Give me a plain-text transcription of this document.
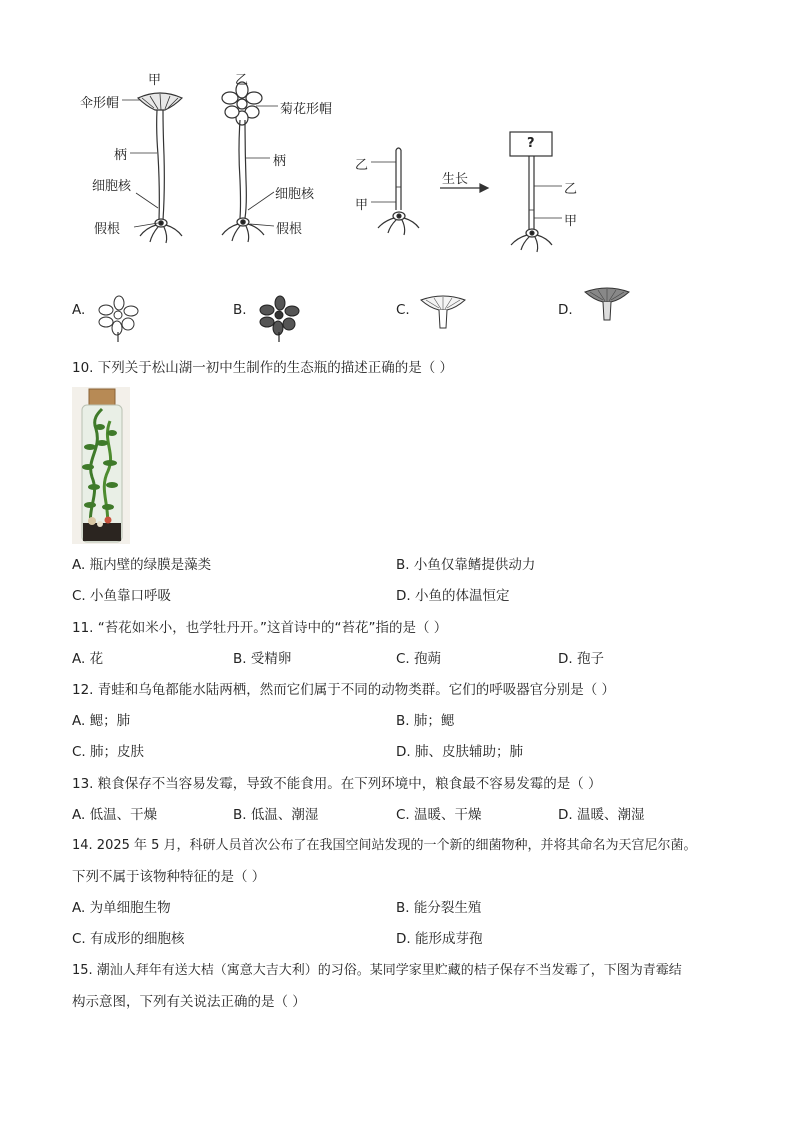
甲	乙
伞形帽	菊花形帽
柄	柄
细胞核
细胞核
假根	假根
乙
甲
生长
?
乙
甲
A.	B.	C.	D.
10. 下列关于松山湖一初中生制作的生态瓶的描述正确的是（ ）
A. 瓶内壁的绿膜是藻类	B. 小鱼仅靠鳍提供动力
C. 小鱼靠口呼吸	D. 小鱼的体温恒定
11. “苔花如米小，也学牡丹开。”这首诗中的“苔花”指的是（ ）
A. 花	B. 受精卵	C. 孢蒴	D. 孢子
12. 青蛙和乌龟都能水陆两栖，然而它们属于不同的动物类群。它们的呼吸器官分别是（ ）
A. 鳃；肺	B. 肺；鳃
C. 肺；皮肤	D. 肺、皮肤辅助；肺
13. 粮食保存不当容易发霉，导致不能食用。在下列环境中，粮食最不容易发霉的是（ ）
A. 低温、干燥	B. 低温、潮湿	C. 温暖、干燥	D. 温暖、潮湿
14. 2025 年 5 月，科研人员首次公布了在我国空间站发现的一个新的细菌物种，并将其命名为天宫尼尔菌。
下列不属于该物种特征的是（ ）
A. 为单细胞生物	B. 能分裂生殖
C. 有成形的细胞核	D. 能形成芽孢
15. 潮汕人拜年有送大桔（寓意大吉大利）的习俗。某同学家里贮藏的桔子保存不当发霉了，下图为青霉结
构示意图，下列有关说法正确的是（ ）
